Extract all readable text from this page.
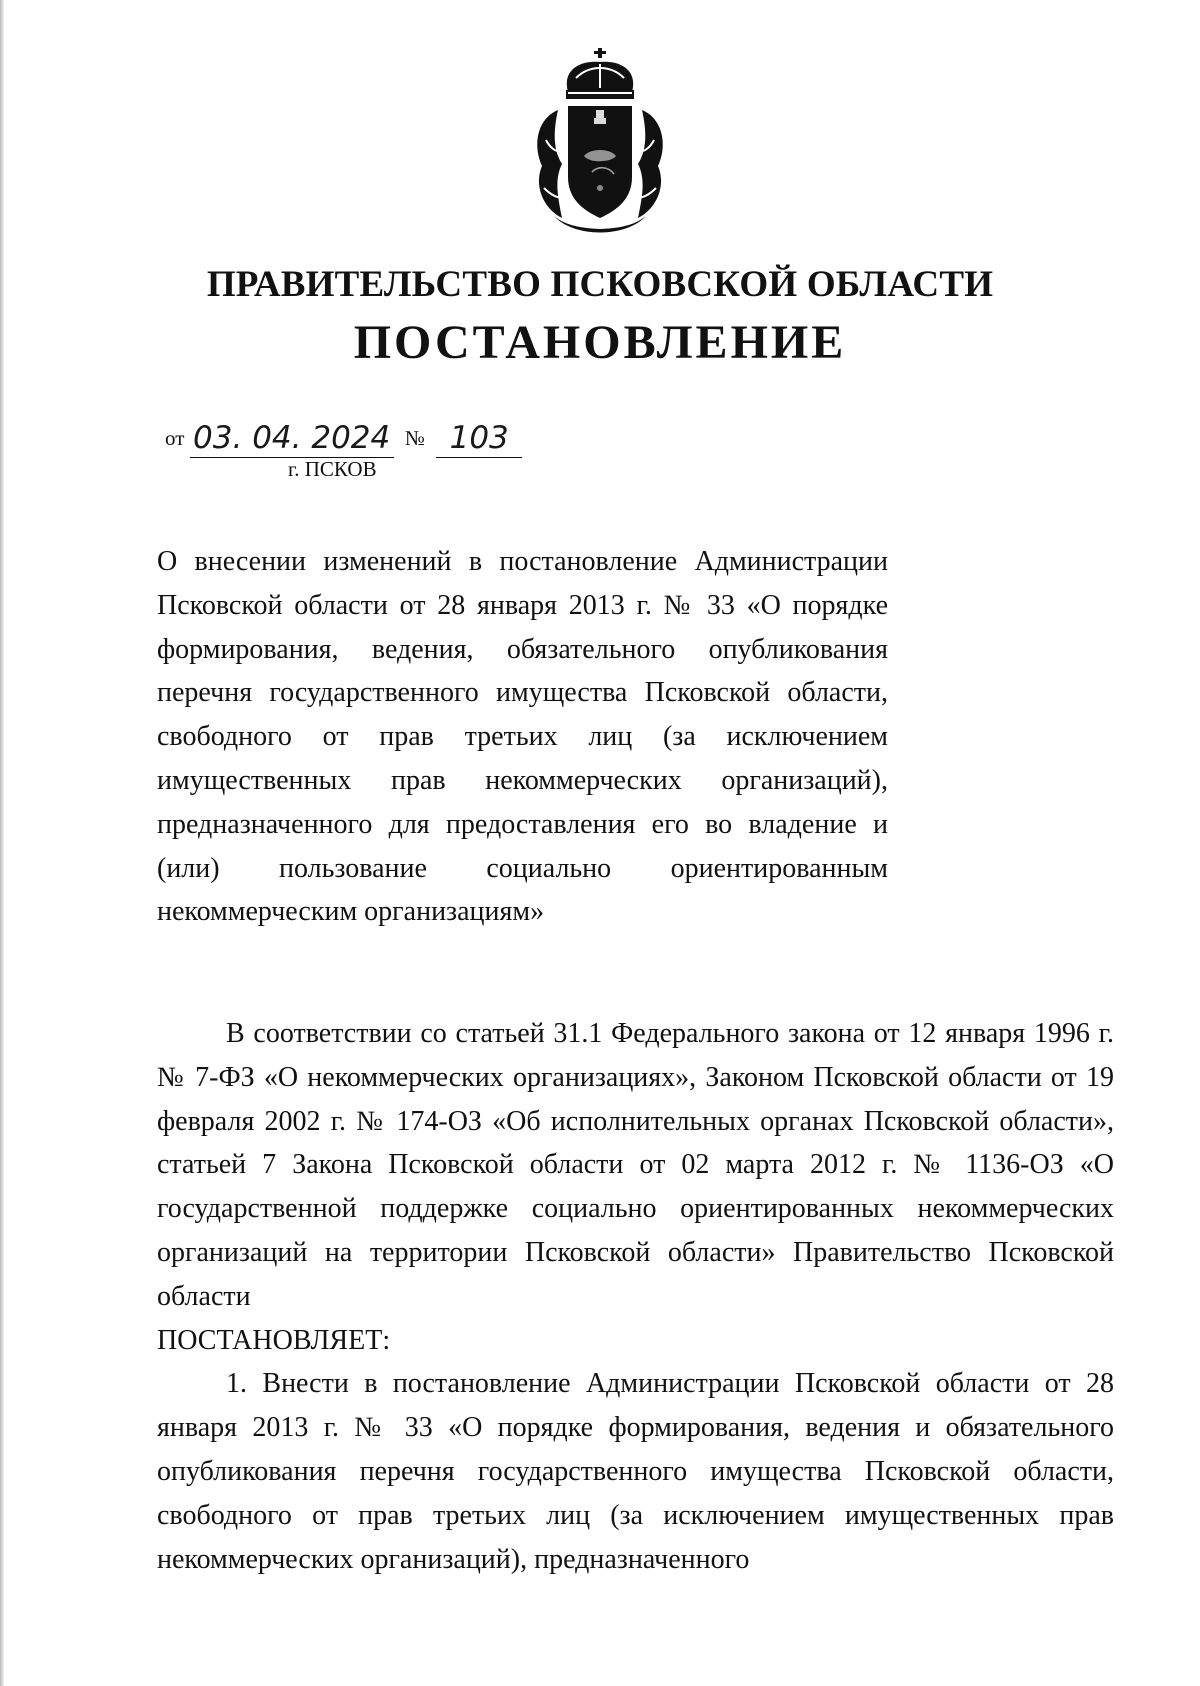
ПРАВИТЕЛЬСТВО ПСКОВСКОЙ ОБЛАСТИ
ПОСТАНОВЛЕНИЕ
от 03. 04. 2024 № 103
г. ПСКОВ
О внесении изменений в постановление Администрации Псковской области от 28 января 2013 г. № 33 «О порядке формирования, ведения, обязательного опубликования перечня государственного имущества Псковской области, свободного от прав третьих лиц (за исключением имущественных прав некоммерческих организаций), предназначенного для предоставления его во владение и (или) пользование социально ориентированным некоммерческим организациям»

В соответствии со статьей 31.1 Федерального закона от 12 января 1996 г. № 7-ФЗ «О некоммерческих организациях», Законом Псковской области от 19 февраля 2002 г. № 174-ОЗ «Об исполнительных органах Псковской области», статьей 7 Закона Псковской области от 02 марта 2012 г. № 1136-ОЗ «О государственной поддержке социально ориентированных некоммерческих организаций на территории Псковской области» Правительство Псковской области

ПОСТАНОВЛЯЕТ:

1. Внести в постановление Администрации Псковской области от 28 января 2013 г. № 33 «О порядке формирования, ведения и обязательного опубликования перечня государственного имущества Псковской области, свободного от прав третьих лиц (за исключением имущественных прав некоммерческих организаций), предназначенного
